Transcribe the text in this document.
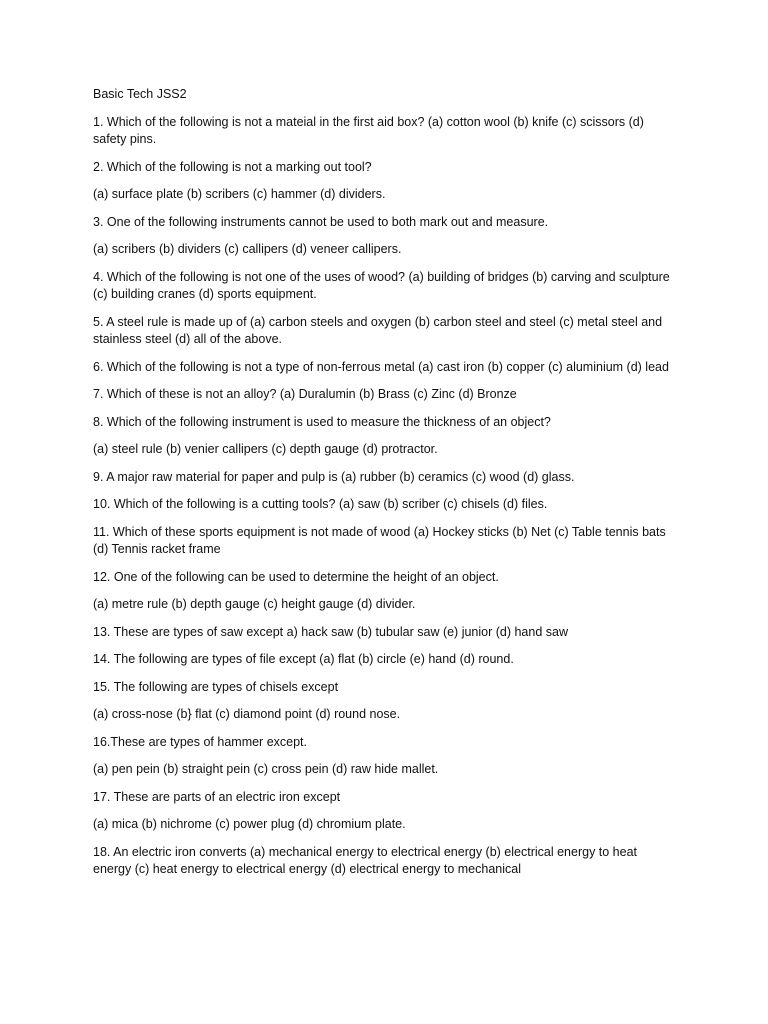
Basic Tech JSS2

1. Which of the following is not a mateial in the first aid box? (a) cotton wool (b) knife (c) scissors (d) safety pins.

2. Which of the following is not a marking out tool?

(a) surface plate (b) scribers (c) hammer (d) dividers.

3. One of the following instruments cannot be used to both mark out and measure.

(a) scribers (b) dividers (c) callipers (d) veneer callipers.

4. Which of the following is not one of the uses of wood? (a) building of bridges (b) carving and sculpture (c) building cranes (d) sports equipment.

5. A steel rule is made up of (a) carbon steels and oxygen (b) carbon steel and steel (c) metal steel and stainless steel (d) all of the above.

6. Which of the following is not a type of non-ferrous metal (a) cast iron (b) copper (c) aluminium (d) lead

7. Which of these is not an alloy? (a) Duralumin (b) Brass (c) Zinc (d) Bronze

8. Which of the following instrument is used to measure the thickness of an object?

(a) steel rule (b) venier callipers (c) depth gauge (d) protractor.

9. A major raw material for paper and pulp is (a) rubber (b) ceramics (c) wood (d) glass.

10. Which of the following is a cutting tools? (a) saw (b) scriber (c) chisels (d) files.

11. Which of these sports equipment is not made of wood (a) Hockey sticks (b) Net (c) Table tennis bats (d) Tennis racket frame

12. One of the following can be used to determine the height of an object.

(a) metre rule (b) depth gauge (c) height gauge (d) divider.

13. These are types of saw except a) hack saw (b) tubular saw (e) junior (d) hand saw

14. The following are types of file except (a) flat (b) circle (e) hand (d) round.

15. The following are types of chisels except

(a) cross-nose (b} flat (c) diamond point (d) round nose.

16.These are types of hammer except.

(a) pen pein (b) straight pein (c) cross pein (d) raw hide mallet.

17. These are parts of an electric iron except

(a) mica (b) nichrome (c) power plug (d) chromium plate.

18. An electric iron converts (a) mechanical energy to electrical energy (b) electrical energy to heat energy (c) heat energy to electrical energy (d) electrical energy to mechanical
